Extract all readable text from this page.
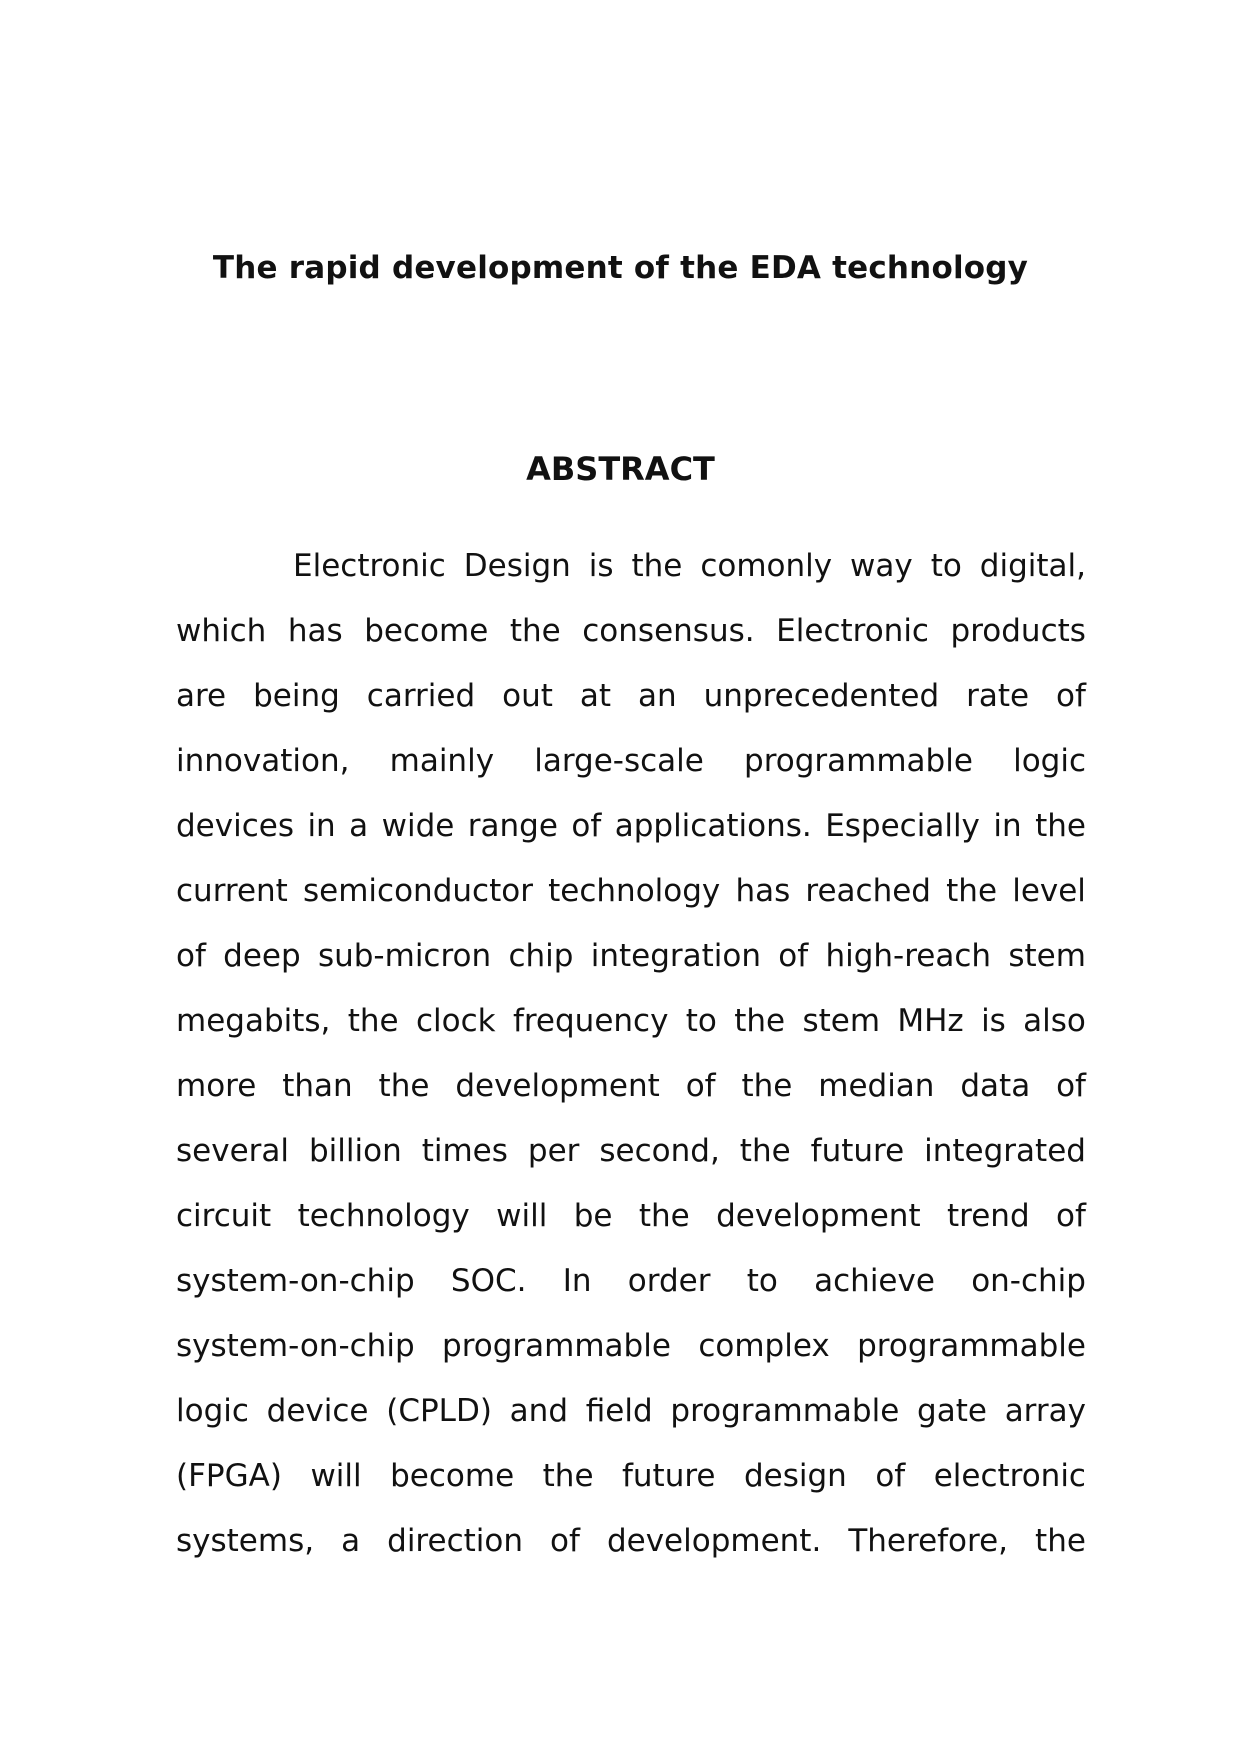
The rapid development of the EDA technology
ABSTRACT
Electronic Design is the comonly way to digital,
which has become the consensus. Electronic products
are being carried out at an unprecedented rate of
innovation, mainly large-scale programmable logic
devices in a wide range of applications. Especially in the
current semiconductor technology has reached the level
of deep sub-micron chip integration of high-reach stem
megabits, the clock frequency to the stem MHz is also
more than the development of the median data of
several billion times per second, the future integrated
circuit technology will be the development trend of
system-on-chip SOC. In order to achieve on-chip
system-on-chip programmable complex programmable
logic device (CPLD) and field programmable gate array
(FPGA) will become the future design of electronic
systems, a direction of development. Therefore, the
